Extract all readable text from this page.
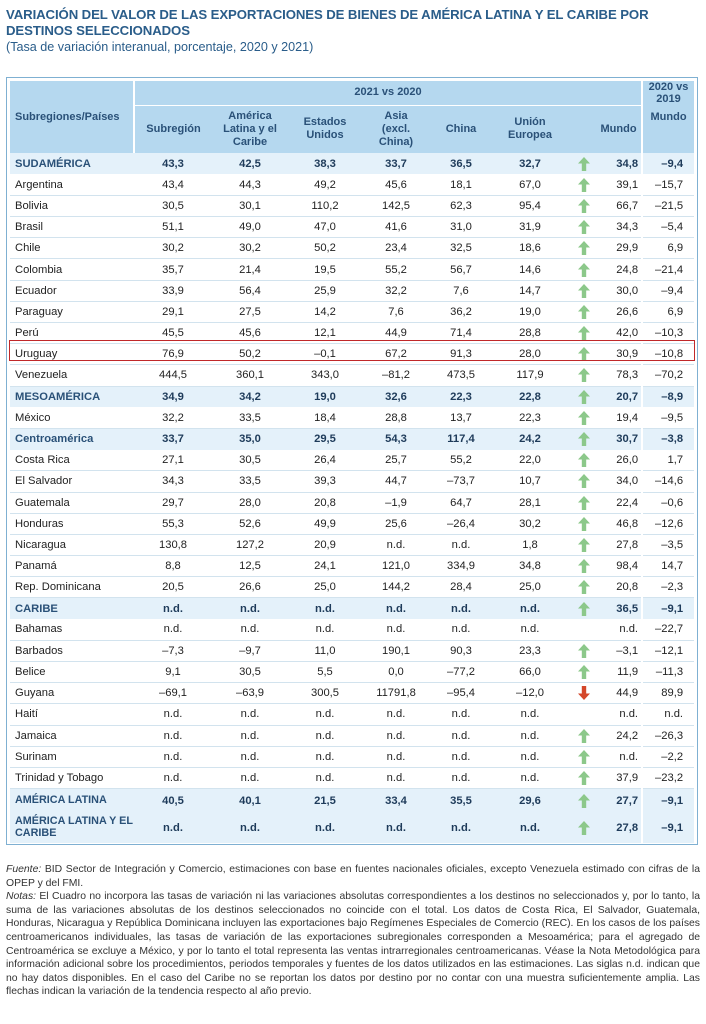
VARIACIÓN DEL VALOR DE LAS EXPORTACIONES DE BIENES DE AMÉRICA LATINA Y EL CARIBE POR DESTINOS SELECCIONADOS
(Tasa de variación interanual, porcentaje, 2020 y 2021)
Subregiones/Países	2021 vs 2020								2020 vs 2019
	Subregión	América Latina y el Caribe	Estados Unidos	Asia (excl. China)	China	Unión Europea	Mundo		Mundo
SUDAMÉRICA	43,3	42,5	38,3	33,7	36,5	32,7		34,8	–9,4
Argentina	43,4	44,3	49,2	45,6	18,1	67,0		39,1	–15,7
Bolivia	30,5	30,1	110,2	142,5	62,3	95,4		66,7	–21,5
Brasil	51,1	49,0	47,0	41,6	31,0	31,9		34,3	–5,4
Chile	30,2	30,2	50,2	23,4	32,5	18,6		29,9	6,9
Colombia	35,7	21,4	19,5	55,2	56,7	14,6		24,8	–21,4
Ecuador	33,9	56,4	25,9	32,2	7,6	14,7		30,0	–9,4
Paraguay	29,1	27,5	14,2	7,6	36,2	19,0		26,6	6,9
Perú	45,5	45,6	12,1	44,9	71,4	28,8		42,0	–10,3
Uruguay	76,9	50,2	–0,1	67,2	91,3	28,0		30,9	–10,8
Venezuela	444,5	360,1	343,0	–81,2	473,5	117,9		78,3	–70,2
MESOAMÉRICA	34,9	34,2	19,0	32,6	22,3	22,8		20,7	–8,9
México	32,2	33,5	18,4	28,8	13,7	22,3		19,4	–9,5
Centroamérica	33,7	35,0	29,5	54,3	117,4	24,2		30,7	–3,8
Costa Rica	27,1	30,5	26,4	25,7	55,2	22,0		26,0	1,7
El Salvador	34,3	33,5	39,3	44,7	–73,7	10,7		34,0	–14,6
Guatemala	29,7	28,0	20,8	–1,9	64,7	28,1		22,4	–0,6
Honduras	55,3	52,6	49,9	25,6	–26,4	30,2		46,8	–12,6
Nicaragua	130,8	127,2	20,9	n.d.	n.d.	1,8		27,8	–3,5
Panamá	8,8	12,5	24,1	121,0	334,9	34,8		98,4	14,7
Rep. Dominicana	20,5	26,6	25,0	144,2	28,4	25,0		20,8	–2,3
CARIBE	n.d.	n.d.	n.d.	n.d.	n.d.	n.d.		36,5	–9,1
Bahamas	n.d.	n.d.	n.d.	n.d.	n.d.	n.d.		n.d.	–22,7
Barbados	–7,3	–9,7	11,0	190,1	90,3	23,3		–3,1	–12,1
Belice	9,1	30,5	5,5	0,0	–77,2	66,0		11,9	–11,3
Guyana	–69,1	–63,9	300,5	11791,8	–95,4	–12,0		44,9	89,9
Haití	n.d.	n.d.	n.d.	n.d.	n.d.	n.d.		n.d.	n.d.
Jamaica	n.d.	n.d.	n.d.	n.d.	n.d.	n.d.		24,2	–26,3
Surinam	n.d.	n.d.	n.d.	n.d.	n.d.	n.d.		n.d.	–2,2
Trinidad y Tobago	n.d.	n.d.	n.d.	n.d.	n.d.	n.d.		37,9	–23,2
AMÉRICA LATINA	40,5	40,1	21,5	33,4	35,5	29,6		27,7	–9,1
AMÉRICA LATINA Y EL CARIBE	n.d.	n.d.	n.d.	n.d.	n.d.	n.d.		27,8	–9,1

Fuente: BID Sector de Integración y Comercio, estimaciones con base en fuentes nacionales oficiales, excepto Venezuela estimado con cifras de la OPEP y del FMI.

Notas: El Cuadro no incorpora las tasas de variación ni las variaciones absolutas correspondientes a los destinos no seleccionados y, por lo tanto, la suma de las variaciones absolutas de los destinos seleccionados no coincide con el total. Los datos de Costa Rica, El Salvador, Guatemala, Honduras, Nicaragua y República Dominicana incluyen las exportaciones bajo Regímenes Especiales de Comercio (REC). En los casos de los países centroamericanos individuales, las tasas de variación de las exportaciones subregionales corresponden a Mesoamérica; para el agregado de Centroamérica se excluye a México, y por lo tanto el total representa las ventas intrarregionales centroamericanas. Véase la Nota Metodológica para información adicional sobre los procedimientos, periodos temporales y fuentes de los datos utilizados en las estimaciones. Las siglas n.d. indican que no hay datos disponibles. En el caso del Caribe no se reportan los datos por destino por no contar con una muestra suficientemente amplia. Las flechas indican la variación de la tendencia respecto al año previo.
